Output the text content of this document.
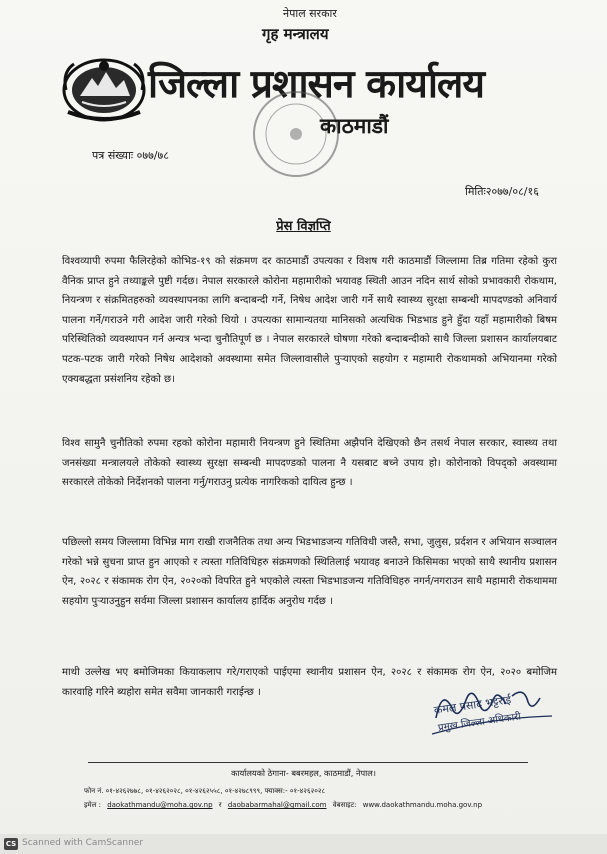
नेपाल सरकार
गृह मन्त्रालय
जिल्ला प्रशासन कार्यालय
काठमाडौं
पत्र संख्याः ०७७/७८
मितिः२०७७/०८/१६
प्रेस विज्ञप्ति

विश्वव्यापी रुपमा फैलिरहेको कोभिड-१९ को संक्रमण दर काठमाडौं उपत्यका र विशष गरी काठमाडौं जिल्लामा तिब्र गतिमा रहेको कुरा वैनिक प्राप्त हुने तथ्याङ्कले पुष्टी गर्दछ। नेपाल सरकारले कोरोना महामारीको भयावह स्थिती आउन नदिन सार्थ सोको प्रभावकारी रोकथाम, नियन्त्रण र संक्रमितहरुको व्यवस्थापनका लागि बन्दाबन्दी गर्ने, निषेध आदेश जारी गर्ने साथै स्वास्थ्य सुरक्षा सम्बन्धी मापदण्डको अनिवार्य पालना गर्ने/गराउने गरी आदेश जारी गरेको थियो । उपत्यका सामान्यतया मानिसको अत्यधिक भिडभाड हुने हुँदा यहाँ महामारीको बिषम परिस्थितिको व्यवस्थापन गर्न अन्यत्र भन्दा चुनौतिपूर्ण छ । नेपाल सरकारले घोषणा गरेको बन्दाबन्दीको साथै जिल्ला प्रशासन कार्यालयबाट पटक-पटक जारी गरेको निषेध आदेशको अवस्थामा समेत जिल्लावासीले पुऱ्याएको सहयोग र महामारी रोकथामको अभियानमा गरेको एक्यबद्धता प्रसंशनिय रहेको छ।

विश्व सामुनै चुनौतिको रुपमा रहको कोरोना महामारी नियन्त्रण हुने स्थितिमा अझैपनि देखिएको छैन तसर्थ नेपाल सरकार, स्वास्थ्य तथा जनसंख्या मन्त्रालयले तोकेको स्वास्थ्य सुरक्षा सम्बन्धी मापदण्डको पालना नै यसबाट बच्ने उपाय हो। कोरोनाको विपद्को अवस्थामा सरकारले तोकेको निर्देशनको पालना गर्नु/गराउनु प्रत्येक नागरिकको दायित्व हुन्छ ।

पछिल्लो समय जिल्लामा विभिन्न माग राखी राजनैतिक तथा अन्य भिडभाडजन्य गतिविधी जस्तै, सभा, जुलुस, प्रर्दशन र अभियान सञ्चालन गरेको भन्ने सुचना प्राप्त हुन आएको र त्यस्ता गतिविधिहरु संक्रमणको स्थितिलाई भयावह बनाउने किसिमका भएको साथै स्थानीय प्रशासन ऐन, २०२८ र संकामक रोग ऐन, २०२०को विपरित हुने भएकोले त्यस्ता भिडभाडजन्य गतिविधिहरु नगर्न/नगराउन साथै महामारी रोकथाममा सहयोग पुऱ्याउनुहुन सर्वमा जिल्ला प्रशासन कार्यालय हार्दिक अनुरोध गर्दछ ।

माथी उल्लेख भए बमोजिमका कियाकलाप गरे/गराएको पाईएमा स्थानीय प्रशासन ऐन, २०२८ र संकामक रोग ऐन, २०२० बमोजिम कारवाहि गरिने ब्यहोरा समेत सवैमा जानकारी गराईन्छ ।

कमल प्रसाद भट्टराई
प्रमुख जिल्ला अधिकारी
कार्यालयको ठेगाना- बबरमहल, काठमाडौं, नेपाल।
फोन नं. ०१-४२६२७७८, ०१-४२६२०२८, ०१-४२६२५५८, ०१-४२७८९९९, फ्याक्स:- ०१-४२६२०२८
इमेल : daokathmandu@moha.gov.np र daobabarmahal@gmail.com वेबसाइट: www.daokathmandu.moha.gov.np
CS Scanned with CamScanner
